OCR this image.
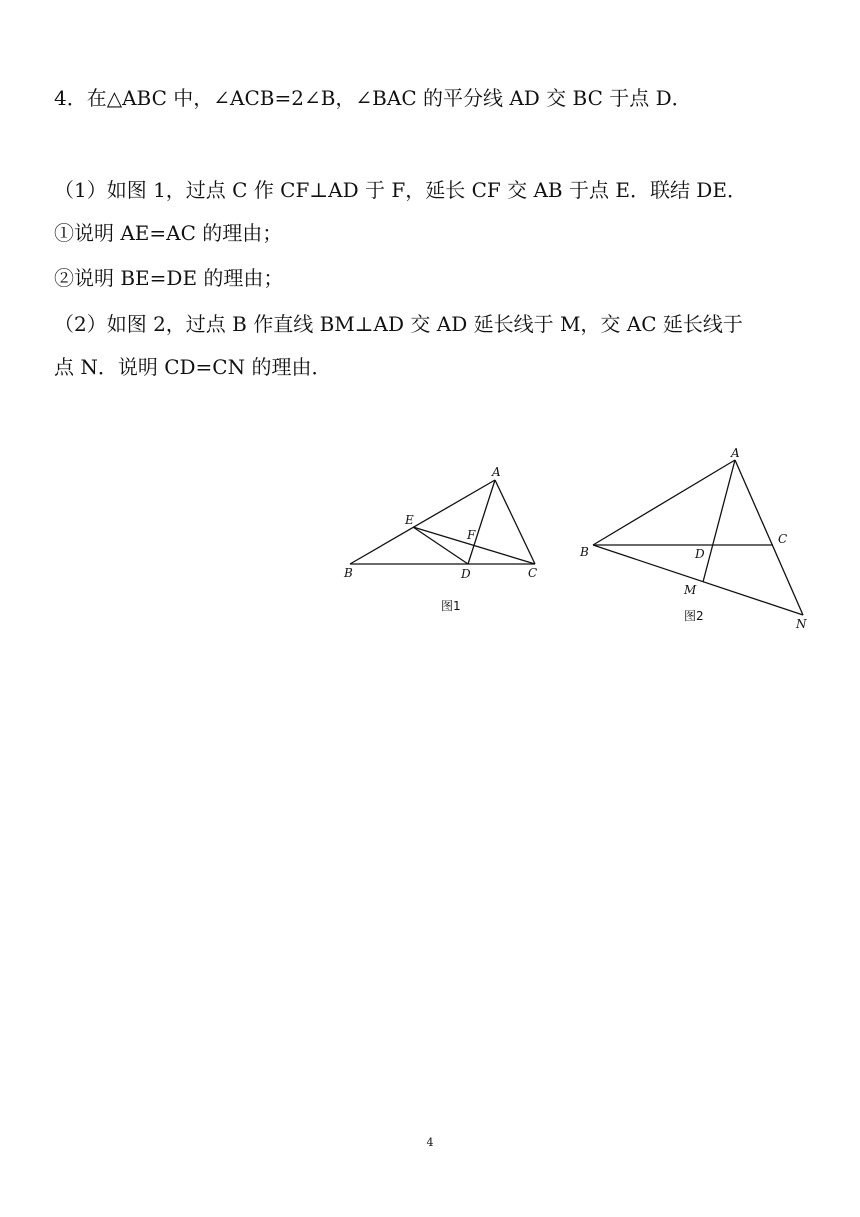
4．在△ABC 中，∠ACB=2∠B，∠BAC 的平分线 AD 交 BC 于点 D．
（1）如图 1，过点 C 作 CF⊥AD 于 F，延长 CF 交 AB 于点 E．联结 DE．
①说明 AE=AC 的理由；
②说明 BE=DE 的理由；
（2）如图 2，过点 B 作直线 BM⊥AD 交 AD 延长线于 M，交 AC 延长线于
点 N．说明 CD=CN 的理由．
A
B	C
D
E
F
图1
A
B
C
D
M
N
图2
4
